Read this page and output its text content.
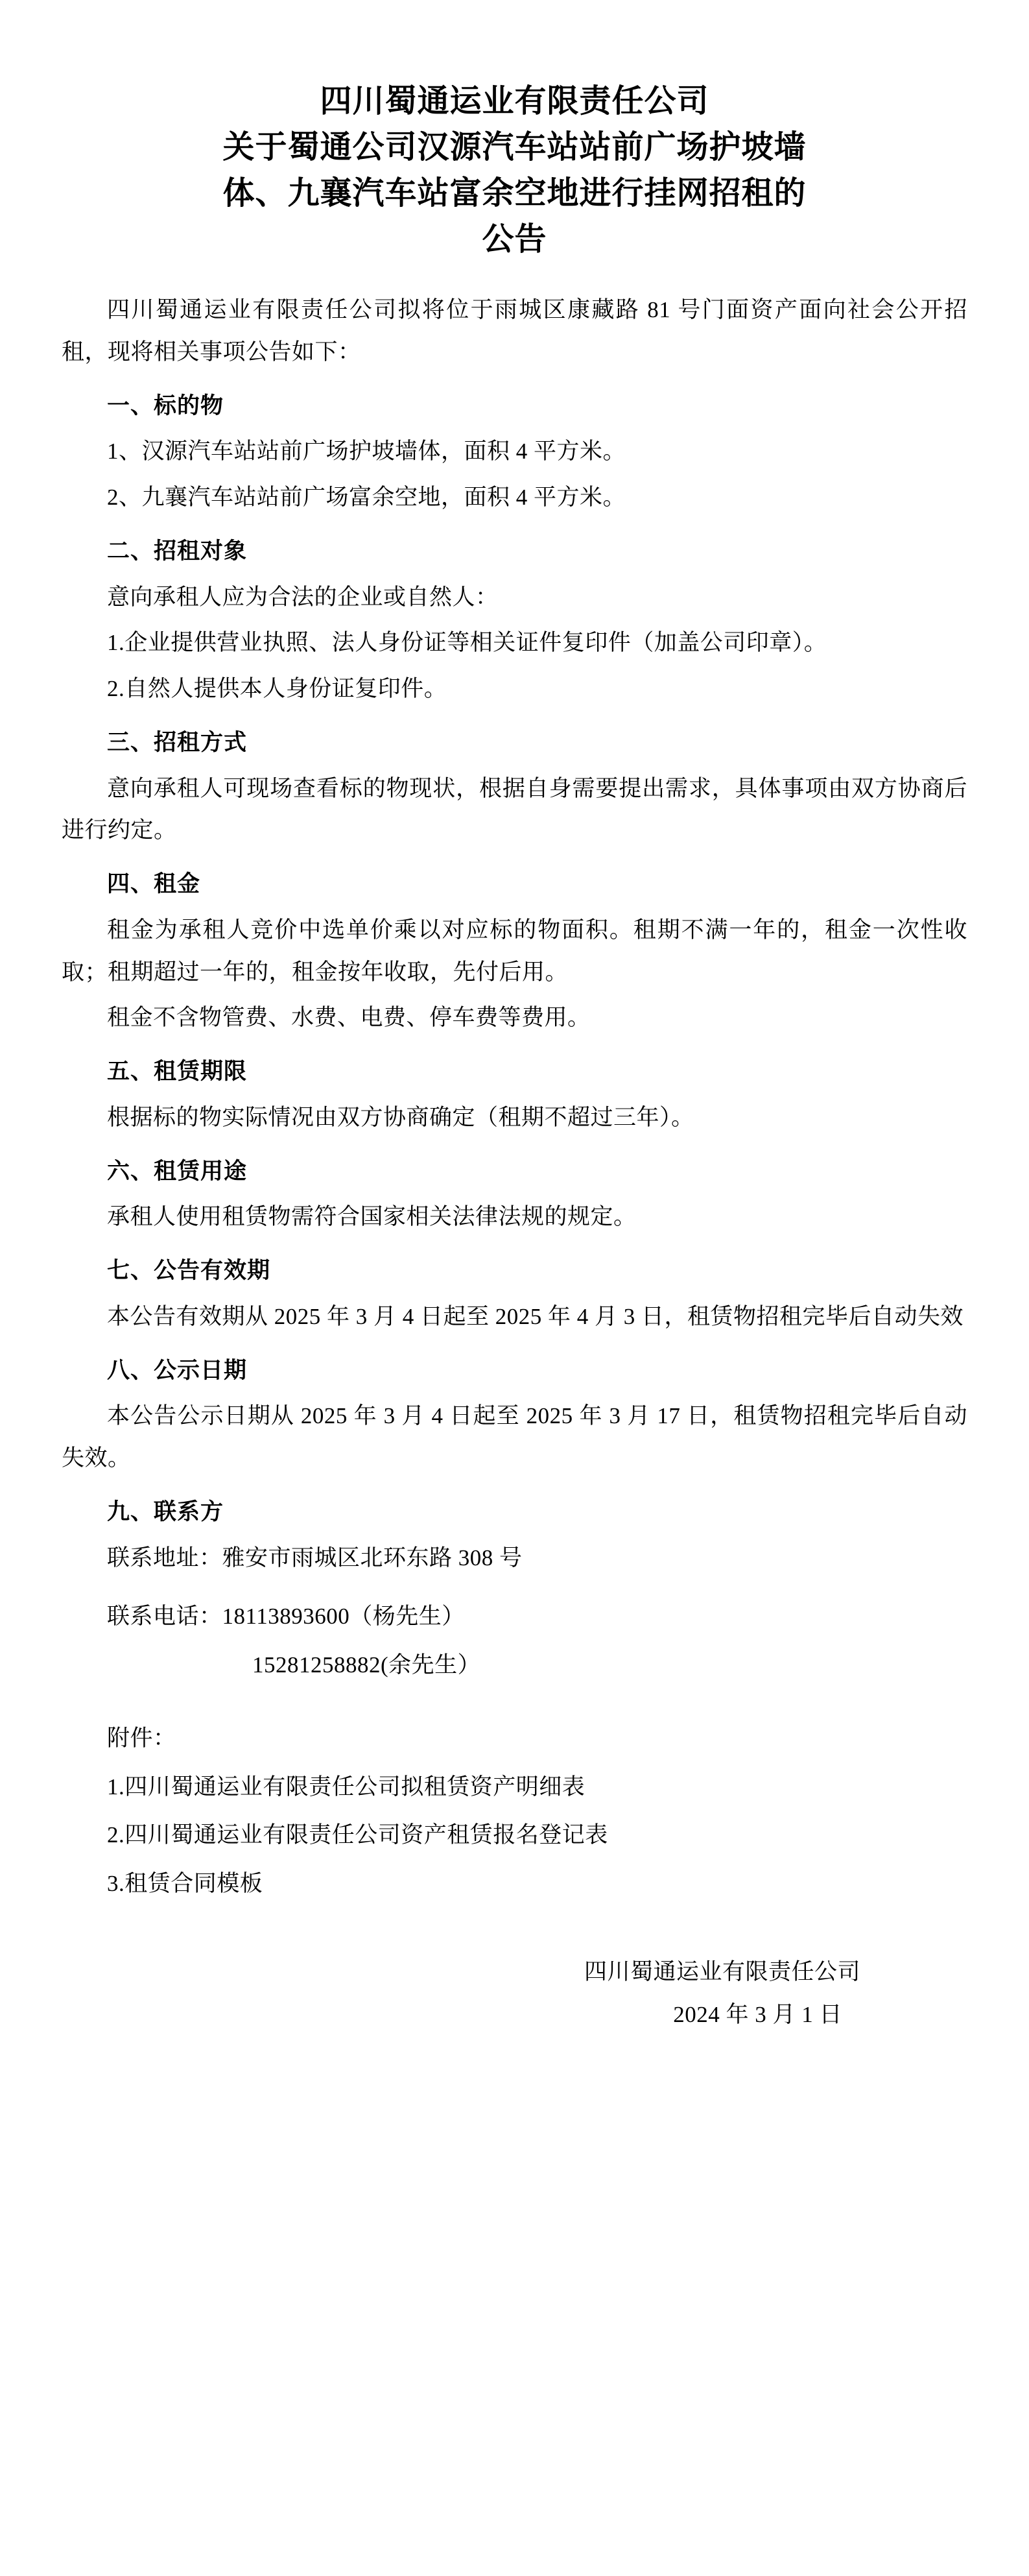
四川蜀通运业有限责任公司
关于蜀通公司汉源汽车站站前广场护坡墙
体、九襄汽车站富余空地进行挂网招租的
公告

四川蜀通运业有限责任公司拟将位于雨城区康藏路 81 号门面资产面向社会公开招租，现将相关事项公告如下：

一、标的物

1、汉源汽车站站前广场护坡墙体，面积 4 平方米。

2、九襄汽车站站前广场富余空地，面积 4 平方米。

二、招租对象

意向承租人应为合法的企业或自然人：

1.企业提供营业执照、法人身份证等相关证件复印件（加盖公司印章）。

2.自然人提供本人身份证复印件。

三、招租方式

意向承租人可现场查看标的物现状，根据自身需要提出需求，具体事项由双方协商后进行约定。

四、租金

租金为承租人竞价中选单价乘以对应标的物面积。租期不满一年的，租金一次性收取；租期超过一年的，租金按年收取，先付后用。

租金不含物管费、水费、电费、停车费等费用。

五、租赁期限

根据标的物实际情况由双方协商确定（租期不超过三年）。

六、租赁用途

承租人使用租赁物需符合国家相关法律法规的规定。

七、公告有效期

本公告有效期从 2025 年 3 月 4 日起至 2025 年 4 月 3 日，租赁物招租完毕后自动失效

八、公示日期

本公告公示日期从 2025 年 3 月 4 日起至 2025 年 3 月 17 日，租赁物招租完毕后自动失效。

九、联系方

联系地址：雅安市雨城区北环东路 308 号

联系电话：18113893600（杨先生）

15281258882(余先生）

附件：

1.四川蜀通运业有限责任公司拟租赁资产明细表

2.四川蜀通运业有限责任公司资产租赁报名登记表

3.租赁合同模板

四川蜀通运业有限责任公司

2024 年 3 月 1 日
